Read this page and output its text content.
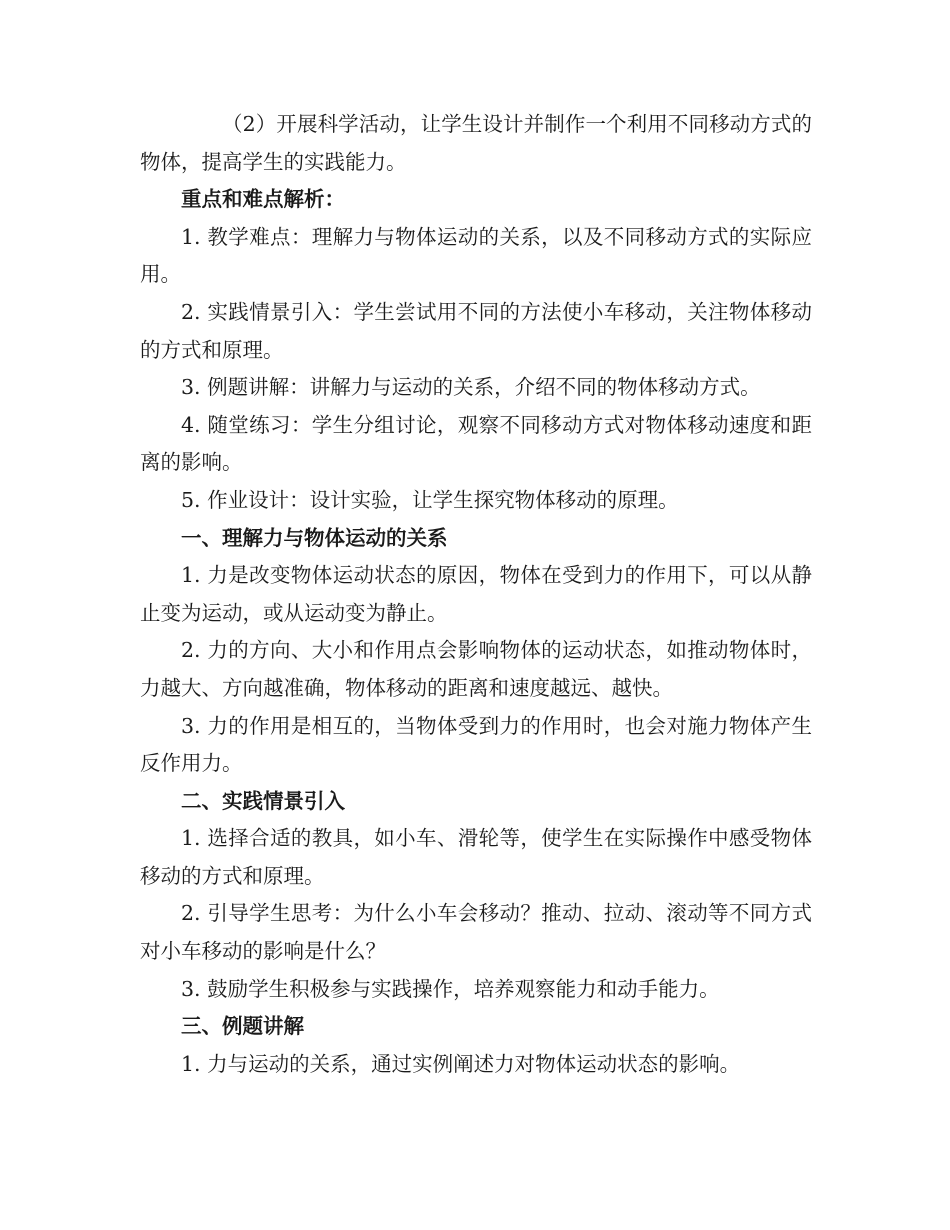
（2）开展科学活动，让学生设计并制作一个利用不同移动方式的物体，提高学生的实践能力。

重点和难点解析：

1. 教学难点：理解力与物体运动的关系，以及不同移动方式的实际应用。

2. 实践情景引入：学生尝试用不同的方法使小车移动，关注物体移动的方式和原理。

3. 例题讲解：讲解力与运动的关系，介绍不同的物体移动方式。

4. 随堂练习：学生分组讨论，观察不同移动方式对物体移动速度和距离的影响。

5. 作业设计：设计实验，让学生探究物体移动的原理。

一、理解力与物体运动的关系

1. 力是改变物体运动状态的原因，物体在受到力的作用下，可以从静止变为运动，或从运动变为静止。

2. 力的方向、大小和作用点会影响物体的运动状态，如推动物体时，力越大、方向越准确，物体移动的距离和速度越远、越快。

3. 力的作用是相互的，当物体受到力的作用时，也会对施力物体产生反作用力。

二、实践情景引入

1. 选择合适的教具，如小车、滑轮等，使学生在实际操作中感受物体移动的方式和原理。

2. 引导学生思考：为什么小车会移动？推动、拉动、滚动等不同方式对小车移动的影响是什么？

3. 鼓励学生积极参与实践操作，培养观察能力和动手能力。

三、例题讲解

1. 力与运动的关系，通过实例阐述力对物体运动状态的影响。
